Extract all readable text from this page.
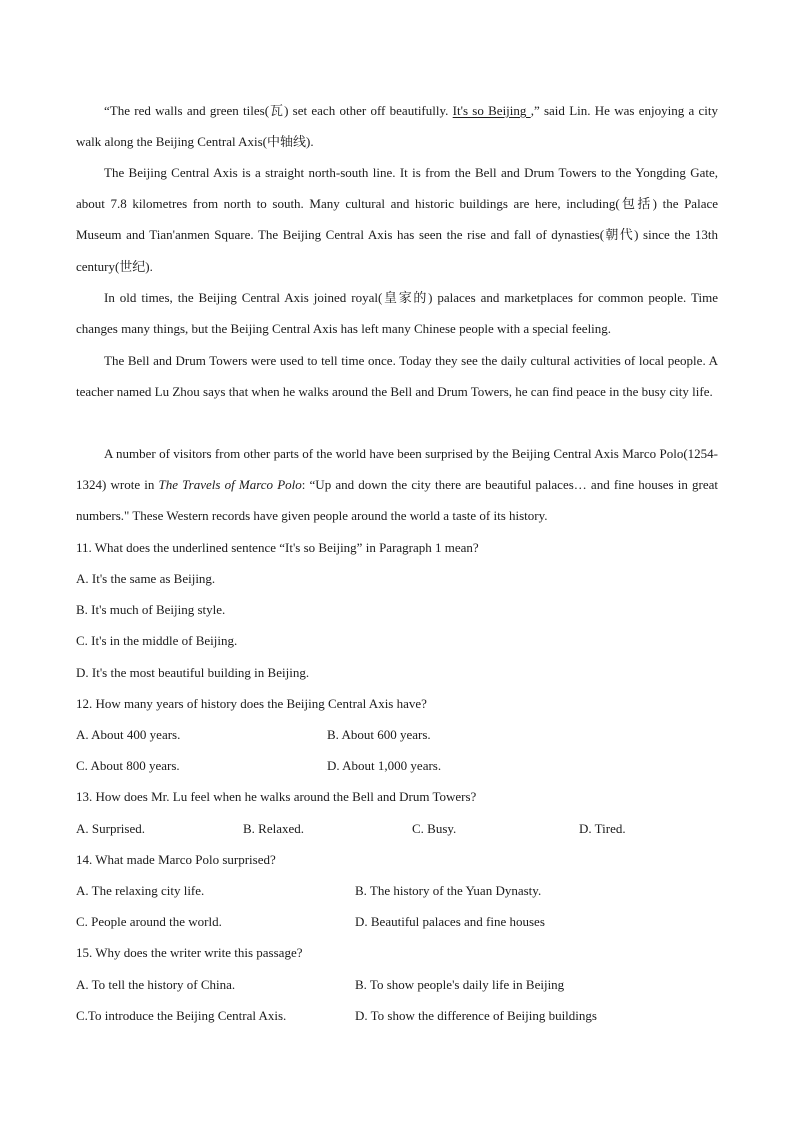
“The red walls and green tiles(瓦) set each other off beautifully. It's so Beijing ,” said Lin. He was enjoying a city walk along the Beijing Central Axis(中轴线).

The Beijing Central Axis is a straight north-south line. It is from the Bell and Drum Towers to the Yongding Gate, about 7.8 kilometres from north to south. Many cultural and historic buildings are here, including(包括) the Palace Museum and Tian'anmen Square. The Beijing Central Axis has seen the rise and fall of dynasties(朝代) since the 13th century(世纪).

In old times, the Beijing Central Axis joined royal(皇家的) palaces and marketplaces for common people. Time changes many things, but the Beijing Central Axis has left many Chinese people with a special feeling.

The Bell and Drum Towers were used to tell time once. Today they see the daily cultural activities of local people. A teacher named Lu Zhou says that when he walks around the Bell and Drum Towers, he can find peace in the busy city life.

A number of visitors from other parts of the world have been surprised by the Beijing Central Axis Marco Polo(1254-1324) wrote in The Travels of Marco Polo: “Up and down the city there are beautiful palaces… and fine houses in great numbers." These Western records have given people around the world a taste of its history.

11. What does the underlined sentence “It's so Beijing” in Paragraph 1 mean?
A. It's the same as Beijing.
B. It's much of Beijing style.
C. It's in the middle of Beijing.
D. It's the most beautiful building in Beijing.
12. How many years of history does the Beijing Central Axis have?
A. About 400 years.	B. About 600 years.
C. About 800 years.	D. About 1,000 years.
13. How does Mr. Lu feel when he walks around the Bell and Drum Towers?
A. Surprised.	B. Relaxed.	C. Busy.	D. Tired.
14. What made Marco Polo surprised?
A. The relaxing city life.	B. The history of the Yuan Dynasty.
C. People around the world.	D. Beautiful palaces and fine houses
15. Why does the writer write this passage?
A. To tell the history of China.	B. To show people's daily life in Beijing
C.To introduce the Beijing Central Axis.	D. To show the difference of Beijing buildings
